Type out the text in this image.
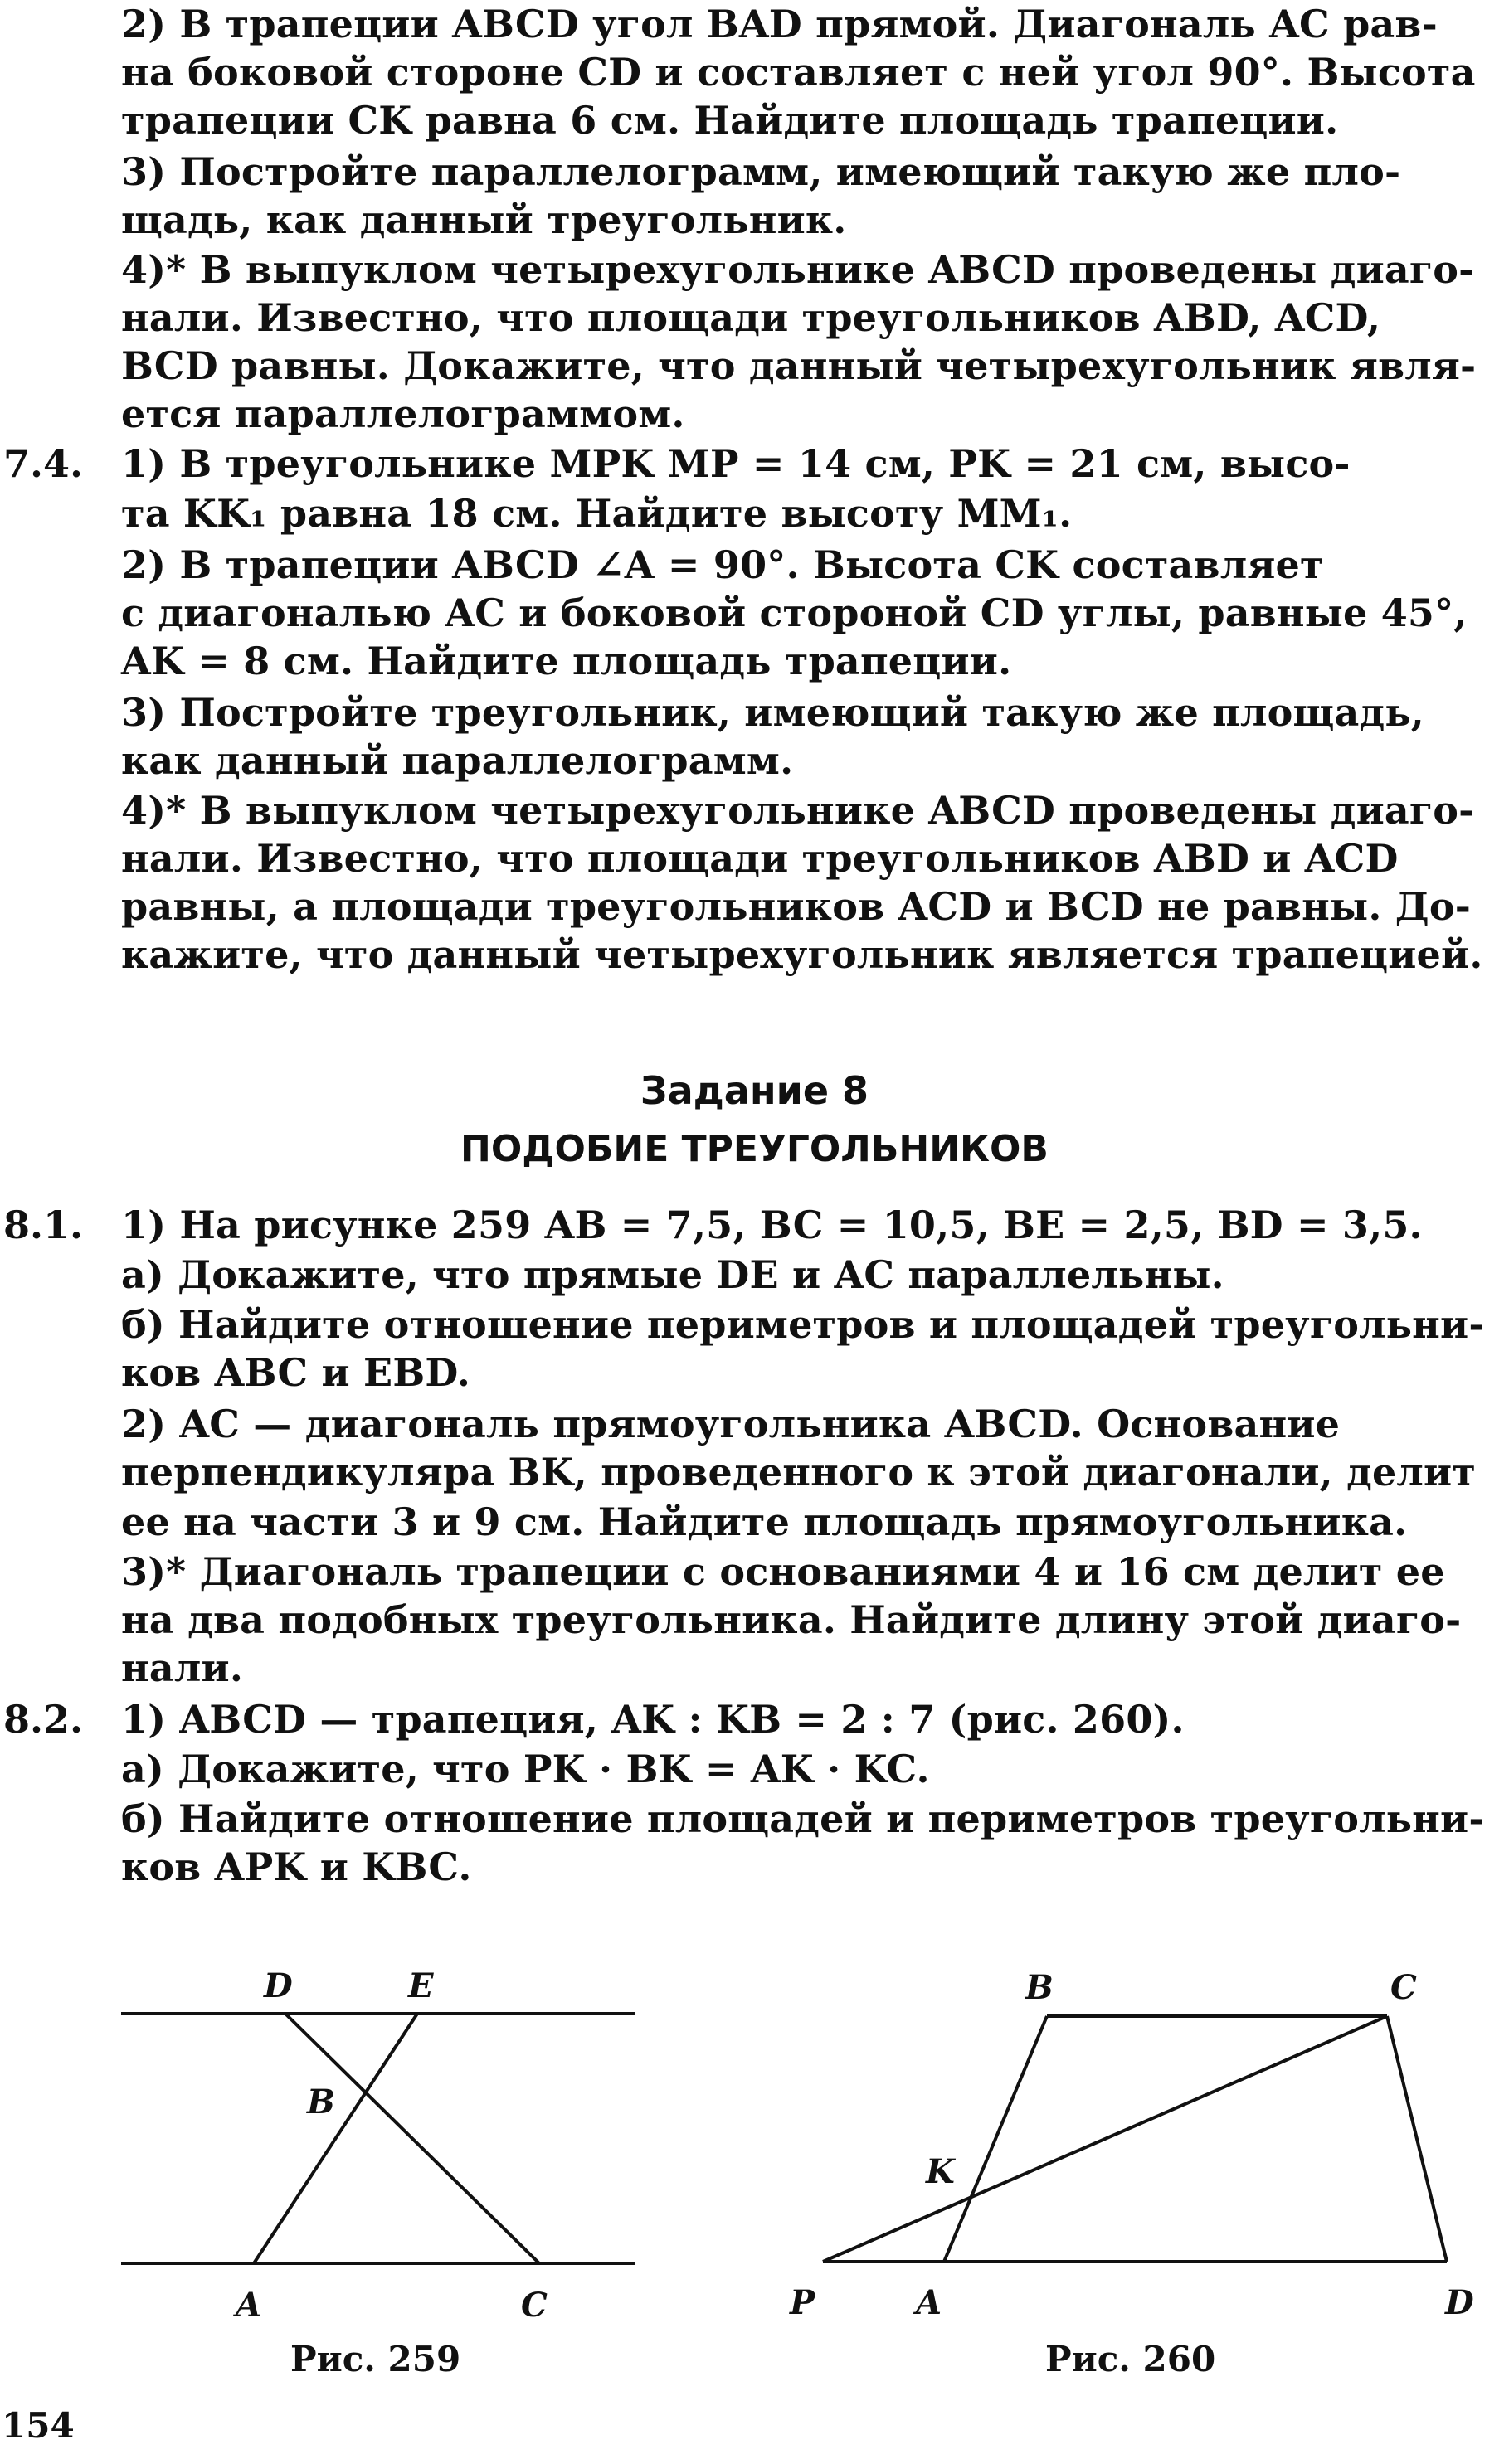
2) В трапеции ABCD угол BAD прямой. Диагональ AC рав-
на боковой стороне CD и составляет с ней угол 90°. Высота
трапеции CK равна 6 см. Найдите площадь трапеции.
3) Постройте параллелограмм, имеющий такую же пло-
щадь, как данный треугольник.
4)* В выпуклом четырехугольнике ABCD проведены диаго-
нали. Известно, что площади треугольников ABD, ACD,
BCD равны. Докажите, что данный четырехугольник явля-
ется параллелограммом.
7.4. 1) В треугольнике MPK MP = 14 см, PK = 21 см, высо-
та KK₁ равна 18 см. Найдите высоту MM₁.
2) В трапеции ABCD ∠A = 90°. Высота CK составляет
с диагональю AC и боковой стороной CD углы, равные 45°,
AK = 8 см. Найдите площадь трапеции.
3) Постройте треугольник, имеющий такую же площадь,
как данный параллелограмм.
4)* В выпуклом четырехугольнике ABCD проведены диаго-
нали. Известно, что площади треугольников ABD и ACD
равны, а площади треугольников ACD и BCD не равны. До-
кажите, что данный четырехугольник является трапецией.
Задание 8
ПОДОБИЕ ТРЕУГОЛЬНИКОВ
8.1. 1) На рисунке 259 AB = 7,5, BC = 10,5, BE = 2,5, BD = 3,5.
а) Докажите, что прямые DE и AC параллельны.
б) Найдите отношение периметров и площадей треугольни-
ков ABC и EBD.
2) AC — диагональ прямоугольника ABCD. Основание
перпендикуляра BK, проведенного к этой диагонали, делит
ее на части 3 и 9 см. Найдите площадь прямоугольника.
3)* Диагональ трапеции с основаниями 4 и 16 см делит ее
на два подобных треугольника. Найдите длину этой диаго-
нали.
8.2. 1) ABCD — трапеция, AK : KB = 2 : 7 (рис. 260).
а) Докажите, что PK · BK = AK · KC.
б) Найдите отношение площадей и периметров треугольни-
ков APK и KBC.
D	E
B
A	C
B	C
K
P	A	D
Рис. 259	Рис. 260
154
